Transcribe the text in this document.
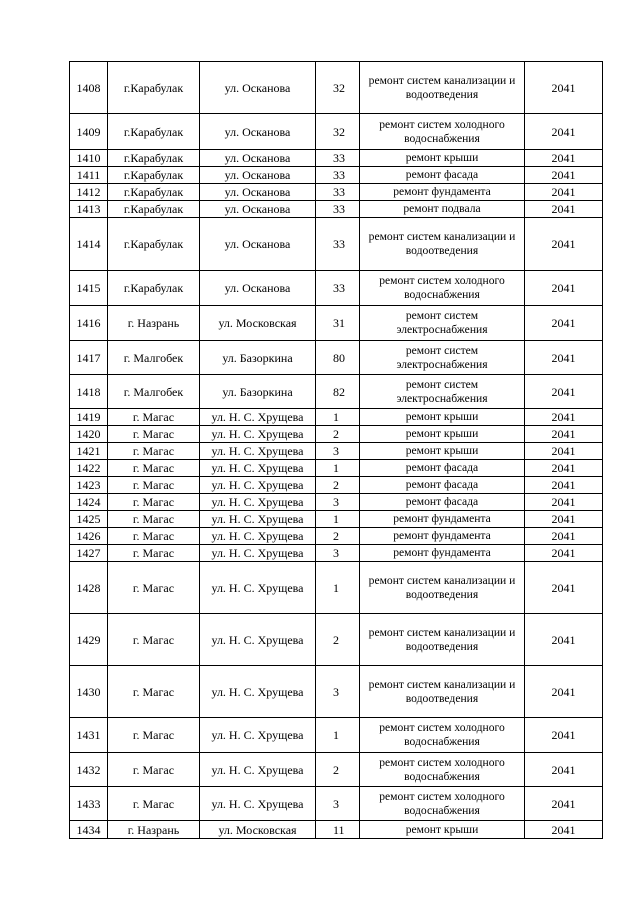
1408	г.Карабулак	ул. Осканова	32	ремонт систем канализации и водоотведения	2041
1409	г.Карабулак	ул. Осканова	32	ремонт систем холодного водоснабжения	2041
1410	г.Карабулак	ул. Осканова	33	ремонт крыши	2041
1411	г.Карабулак	ул. Осканова	33	ремонт фасада	2041
1412	г.Карабулак	ул. Осканова	33	ремонт фундамента	2041
1413	г.Карабулак	ул. Осканова	33	ремонт подвала	2041
1414	г.Карабулак	ул. Осканова	33	ремонт систем канализации и водоотведения	2041
1415	г.Карабулак	ул. Осканова	33	ремонт систем холодного водоснабжения	2041
1416	г. Назрань	ул. Московская	31	ремонт систем электроснабжения	2041
1417	г. Малгобек	ул. Базоркина	80	ремонт систем электроснабжения	2041
1418	г. Малгобек	ул. Базоркина	82	ремонт систем электроснабжения	2041
1419	г. Магас	ул. Н. С. Хрущева	1	ремонт крыши	2041
1420	г. Магас	ул. Н. С. Хрущева	2	ремонт крыши	2041
1421	г. Магас	ул. Н. С. Хрущева	3	ремонт крыши	2041
1422	г. Магас	ул. Н. С. Хрущева	1	ремонт фасада	2041
1423	г. Магас	ул. Н. С. Хрущева	2	ремонт фасада	2041
1424	г. Магас	ул. Н. С. Хрущева	3	ремонт фасада	2041
1425	г. Магас	ул. Н. С. Хрущева	1	ремонт фундамента	2041
1426	г. Магас	ул. Н. С. Хрущева	2	ремонт фундамента	2041
1427	г. Магас	ул. Н. С. Хрущева	3	ремонт фундамента	2041
1428	г. Магас	ул. Н. С. Хрущева	1	ремонт систем канализации и водоотведения	2041
1429	г. Магас	ул. Н. С. Хрущева	2	ремонт систем канализации и водоотведения	2041
1430	г. Магас	ул. Н. С. Хрущева	3	ремонт систем канализации и водоотведения	2041
1431	г. Магас	ул. Н. С. Хрущева	1	ремонт систем холодного водоснабжения	2041
1432	г. Магас	ул. Н. С. Хрущева	2	ремонт систем холодного водоснабжения	2041
1433	г. Магас	ул. Н. С. Хрущева	3	ремонт систем холодного водоснабжения	2041
1434	г. Назрань	ул. Московская	11	ремонт крыши	2041
